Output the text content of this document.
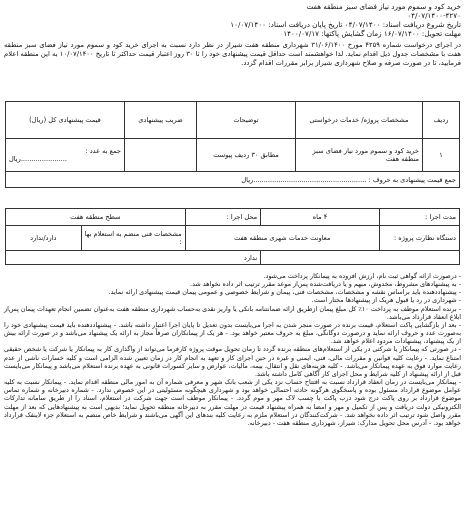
خرید کود و سموم مورد نیاز فضای سبز منطقه هفت
۰۴/۰۷/۱۴۰۰-۴۲۷۰
تاریخ شروع دریافت اسناد: ۰۴/۰۷/۱۴۰۰ تاریخ پایان دریافت اسناد: ۱۰/۰۷/۱۴۰۰
مهلت تحویل: ۱۶/۰۷/۱۴۰۰ زمان گشایش پاکتها: ۱۴۰۰/۰۷/۱۷

در اجرای درخواست شماره ۴۲۵۹ مورخ ۳۱/۰۶/۱۴۰۰ شهرداری منطقه هفت شیراز در نظر دارد نسبت به اجرای خرید کود و سموم مورد نیاز فضای سبز منطقه هفت با مشخصات جدول ذیل اقدام نماید. لذا خواهشمند است حداقل قیمت پیشنهادی خود را تا ۳۰ روز اعتبار قیمت حداکثر تا تاریخ ۱۰/۰۷/۱۴۰۰ به این منطقه اعلام فرمایید، تا در صورت صرفه و صلاح شهرداری شیراز برابر مقررات اقدام گردد.

ردیف	مشخصات پروژه/ خدمات درخواستی	توضیحات	ضریب پیشنهادی	قیمت پیشنهادی کل (ریال)
۱	خرید کود و سموم مورد نیاز فضای سبز منطقه هفت	مطابق ۳۰ ردیف پیوست		جمع به عدد :
......................ریال

جمع قیمت پیشنهادی به حروف : ......................................................ریال				
مدت اجرا :	۴ ماه	محل اجرا :	سطح منطقه هفت	
دستگاه نظارت پروژه :	معاونت خدمات شهری منطقه هفت		مشخصات فنی منضم به استعلام بها :	دارد/ندارد
		ندارد		

- درصورت ارائه گواهی ثبت نام، ارزش افزوده به پیمانکار پرداخت می‌شود.

- به پیشنهادهای مشروط، مخدوش، مبهم و یا دریافت‌شده پس‌از موعد مقرر ترتیب اثر داده نخواهد شد.

- پیشنهاددهنده باید براساس نقشه و مشخصات، مشخصات فنی، پیمان و شرایط خصوصی و عمومی پیمان قیمت پیشنهادی ارائه نماید.

- شهرداری در رد یا قبول هریک از پیشنهادها مختار است.

- برنده استعلام موظف به پرداخت ۱۰٪ کل مبلغ پیمان ازطریق ارائه ضمانتنامه بانکی یا واریز نقدی به‌حساب شهرداری منطقه هفت به‌عنوان تضمین انجام تعهدات پیمان پس‌از ابلاغ انعقاد قرارداد می‌باشد.

- بعد از بازگشایی پاکت استعلام، قیمت برنده در صورت منجر شدن به اجرا می‌بایست بدون تعدیل تا پایان اجرا اعتبار داشته باشد. - پیشنهاددهنده باید قیمت پیشنهادی خود را به‌صورت عدد و حروف ارائه نماید و درصورت دوگانگی، مبلغ به حروف معتبر خواهد بود. - هر یک از پیمانکاران صرفاً مجاز به ارائه یک پیشنهاد می‌باشد و در صورت ارائه بیش از یک پیشنهاد، پیشنهادات مردود اعلام خواهد شد.

- در صورتی که پیمانکار یا شرکتی در یکی از استعلام‌های منطقه برنده گردد تا زمان تحویل موقت پروژه کارفرما می‌تواند از واگذاری کار به پیمانکار یا شرکت یا شخص حقیقی امتناع نماید. - رعایت کلیه قوانین و مقررات مالی، فنی، ایمنی و غیره در حین اجرای کار و تعهد به انجام کار در زمان تعیین شده الزامی است و کلیه خسارات ناشی از عدم رعایت موارد فوق به عهده پیمانکار می‌باشد. - کلیه هزینه‌های نقل و انتقال، بیمه، مالیات، عوارض و سایر کسورات قانونی به عهده برنده استعلام می‌باشد و پیمانکار می‌بایست قبل از ارائه پیشنهاد از کلیه شرایط و محل اجرای کار آگاهی کامل داشته باشد.

- پیمانکار می‌بایست در زمان انعقاد قرارداد نسبت به افتتاح حساب نزد یکی از شعب بانک شهر و معرفی شماره آن به امور مالی منطقه اقدام نماید. - پیمانکار نسبت به کلیه عوامل موضوع قرارداد مسئول بوده و پاسخگوی هرگونه حادثه احتمالی خواهد بود و شهرداری هیچگونه مسئولیتی در این خصوص ندارد. - شماره دبیرخانه و شماره تماس موضوع قرارداد بر روی پاکت درج شود درب پاکت با چسب لاک مهر و موم گردد. - پیمانکار موظف است جهت شرکت در استعلام، اسناد را از طریق سامانه تدارکات الکترونیکی دولت دریافت و پس از تکمیل و مهر و امضا به همراه پیشنهاد قیمت در مهلت مقرر به دبیرخانه منطقه تحویل نماید؛ بدیهی است به پیشنهادهایی که بعد از مهلت مقرر واصل شود ترتیب اثر داده نخواهد شد. - شرکت‌کنندگان در استعلام ملزم به رعایت کلیه بندهای این آگهی می‌باشند و شرایط خاص منضم به استعلام جزء لاینفک قرارداد خواهد بود. - آدرس محل تحویل مدارک: شیراز، شهرداری منطقه هفت - دبیرخانه.
